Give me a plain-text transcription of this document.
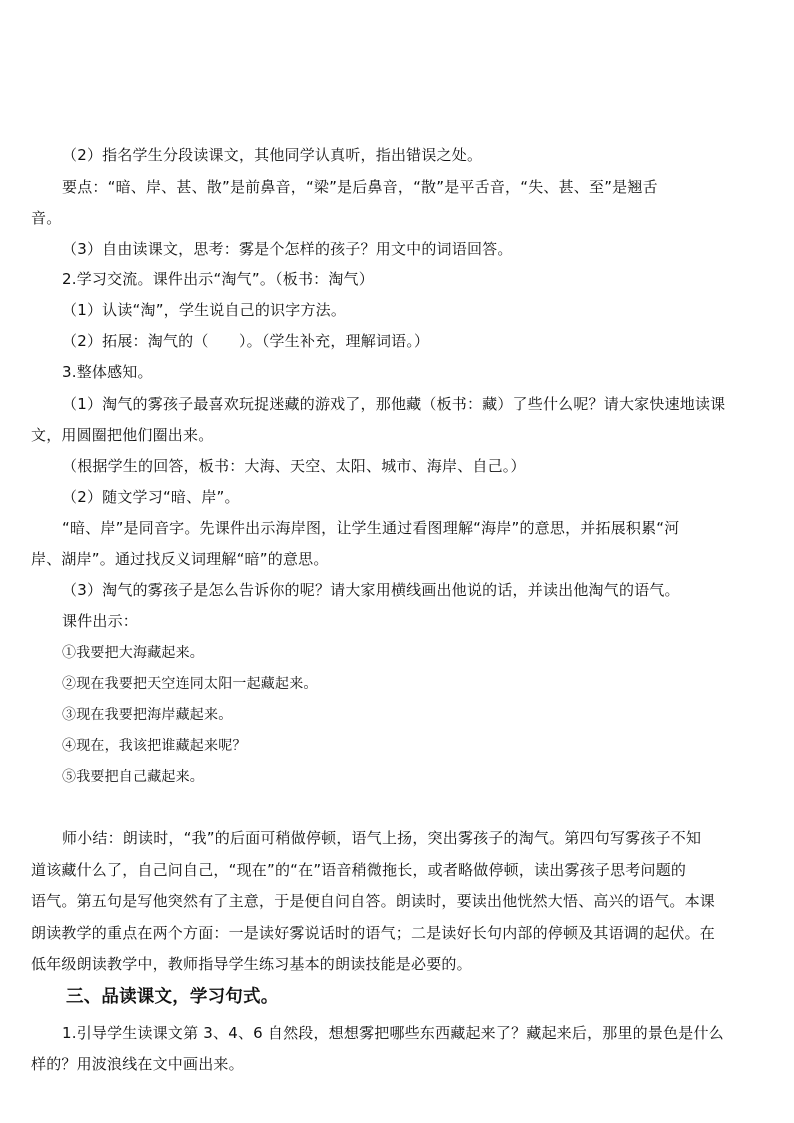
（2）指名学生分段读课文，其他同学认真听，指出错误之处。

要点：“暗、岸、甚、散”是前鼻音，“梁”是后鼻音，“散”是平舌音，“失、甚、至”是翘舌

音。

（3）自由读课文，思考：雾是个怎样的孩子？用文中的词语回答。

2.学习交流。课件出示“淘气”。（板书：淘气）

（1）认读“淘”，学生说自己的识字方法。

（2）拓展：淘气的（　　）。（学生补充，理解词语。）

3.整体感知。

（1）淘气的雾孩子最喜欢玩捉迷藏的游戏了，那他藏（板书：藏）了些什么呢？请大家快速地读课

文，用圆圈把他们圈出来。

（根据学生的回答，板书：大海、天空、太阳、城市、海岸、自己。）

（2）随文学习“暗、岸”。

“暗、岸”是同音字。先课件出示海岸图，让学生通过看图理解“海岸”的意思，并拓展积累“河

岸、湖岸”。通过找反义词理解“暗”的意思。

（3）淘气的雾孩子是怎么告诉你的呢？请大家用横线画出他说的话，并读出他淘气的语气。

课件出示：

①我要把大海藏起来。

②现在我要把天空连同太阳一起藏起来。

③现在我要把海岸藏起来。

④现在，我该把谁藏起来呢？

⑤我要把自己藏起来。

师小结：朗读时，“我”的后面可稍做停顿，语气上扬，突出雾孩子的淘气。第四句写雾孩子不知

道该藏什么了，自己问自己，“现在”的“在”语音稍微拖长，或者略做停顿，读出雾孩子思考问题的

语气。第五句是写他突然有了主意，于是便自问自答。朗读时，要读出他恍然大悟、高兴的语气。本课

朗读教学的重点在两个方面：一是读好雾说话时的语气；二是读好长句内部的停顿及其语调的起伏。在

低年级朗读教学中，教师指导学生练习基本的朗读技能是必要的。

三、品读课文，学习句式。

1.引导学生读课文第 3、4、6 自然段，想想雾把哪些东西藏起来了？藏起来后，那里的景色是什么

样的？用波浪线在文中画出来。
